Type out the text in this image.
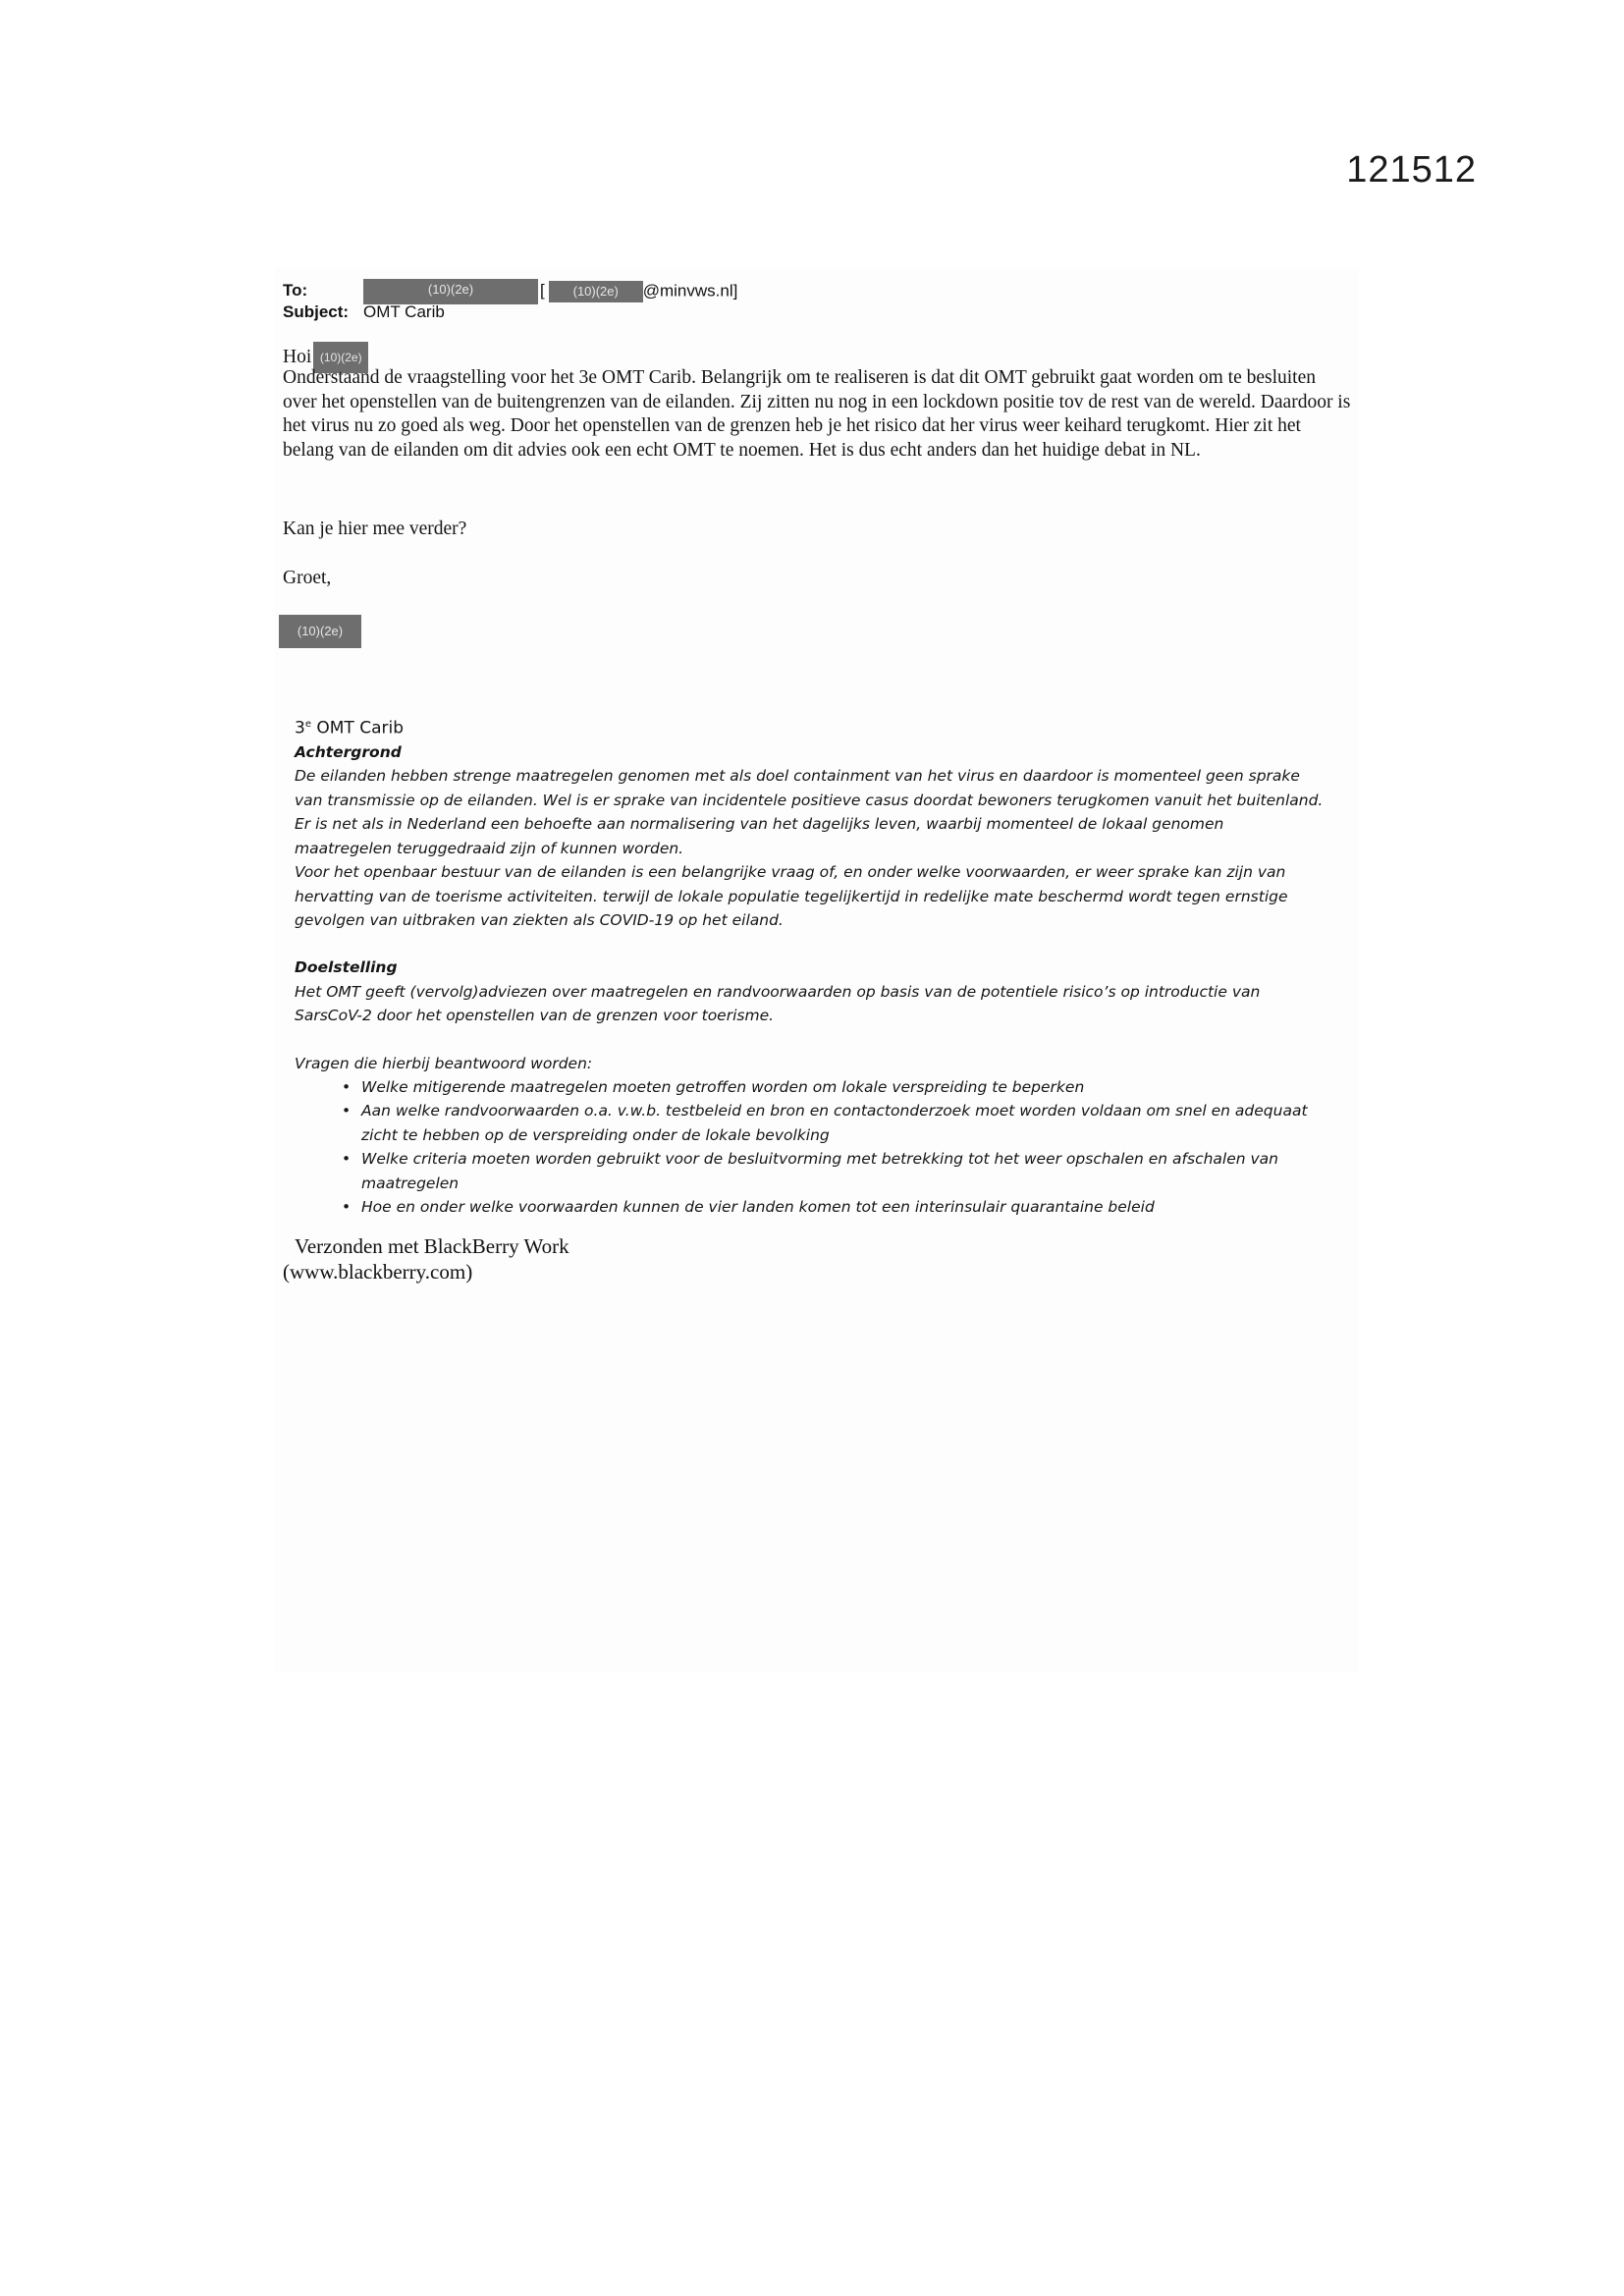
121512
To:	(10)(2e)	[ (10)(2e) @minvws.nl]
Subject: OMT Carib
Hoi (10)(2e)

Onderstaand de vraagstelling voor het 3e OMT Carib. Belangrijk om te realiseren is dat dit OMT gebruikt gaat worden om te besluiten over het openstellen van de buitengrenzen van de eilanden. Zij zitten nu nog in een lockdown positie tov de rest van de wereld. Daardoor is het virus nu zo goed als weg. Door het openstellen van de grenzen heb je het risico dat her virus weer keihard terugkomt. Hier zit het belang van de eilanden om dit advies ook een echt OMT te noemen. Het is dus echt anders dan het huidige debat in NL.

Kan je hier mee verder?

Groet,

(10)(2e)

3e OMT Carib

Achtergrond

De eilanden hebben strenge maatregelen genomen met als doel containment van het virus en daardoor is momenteel geen sprake van transmissie op de eilanden. Wel is er sprake van incidentele positieve casus doordat bewoners terugkomen vanuit het buitenland. Er is net als in Nederland een behoefte aan normalisering van het dagelijks leven, waarbij momenteel de lokaal genomen maatregelen teruggedraaid zijn of kunnen worden.

Voor het openbaar bestuur van de eilanden is een belangrijke vraag of, en onder welke voorwaarden, er weer sprake kan zijn van hervatting van de toerisme activiteiten. terwijl de lokale populatie tegelijkertijd in redelijke mate beschermd wordt tegen ernstige gevolgen van uitbraken van ziekten als COVID-19 op het eiland.

Doelstelling

Het OMT geeft (vervolg)adviezen over maatregelen en randvoorwaarden op basis van de potentiele risico’s op introductie van SarsCoV-2 door het openstellen van de grenzen voor toerisme.

Vragen die hierbij beantwoord worden:

• Welke mitigerende maatregelen moeten getroffen worden om lokale verspreiding te beperken
• Aan welke randvoorwaarden o.a. v.w.b. testbeleid en bron en contactonderzoek moet worden voldaan om snel en adequaat zicht te hebben op de verspreiding onder de lokale bevolking
• Welke criteria moeten worden gebruikt voor de besluitvorming met betrekking tot het weer opschalen en afschalen van maatregelen
• Hoe en onder welke voorwaarden kunnen de vier landen komen tot een interinsulair quarantaine beleid
Verzonden met BlackBerry Work
(www.blackberry.com)
